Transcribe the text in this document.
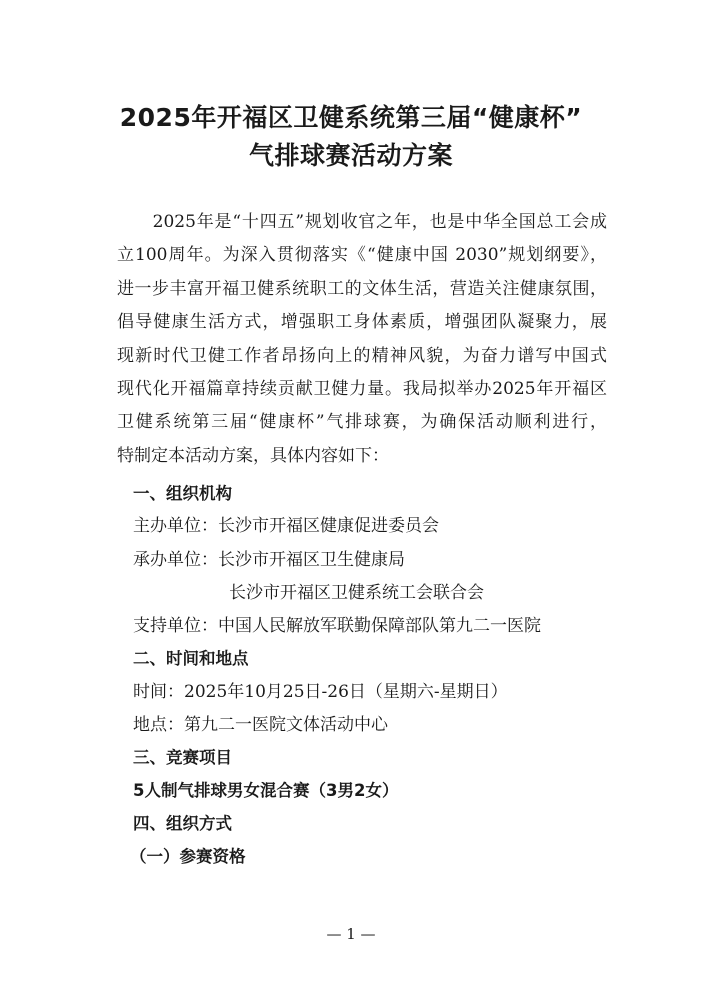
2025年开福区卫健系统第三届“健康杯”
气排球赛活动方案
　　2025年是“十四五”规划收官之年，也是中华全国总工会成
立100周年。为深入贯彻落实《“健康中国 2030”规划纲要》，
进一步丰富开福卫健系统职工的文体生活，营造关注健康氛围，
倡导健康生活方式，增强职工身体素质，增强团队凝聚力，展
现新时代卫健工作者昂扬向上的精神风貌，为奋力谱写中国式
现代化开福篇章持续贡献卫健力量。我局拟举办2025年开福区
卫健系统第三届“健康杯”气排球赛，为确保活动顺利进行，
特制定本活动方案，具体内容如下：
一、组织机构
主办单位：长沙市开福区健康促进委员会
承办单位：长沙市开福区卫生健康局
长沙市开福区卫健系统工会联合会
支持单位：中国人民解放军联勤保障部队第九二一医院
二、时间和地点
时间：2025年10月25日-26日（星期六-星期日）
地点：第九二一医院文体活动中心
三、竞赛项目
5人制气排球男女混合赛（3男2女）
四、组织方式
（一）参赛资格
— 1 —
